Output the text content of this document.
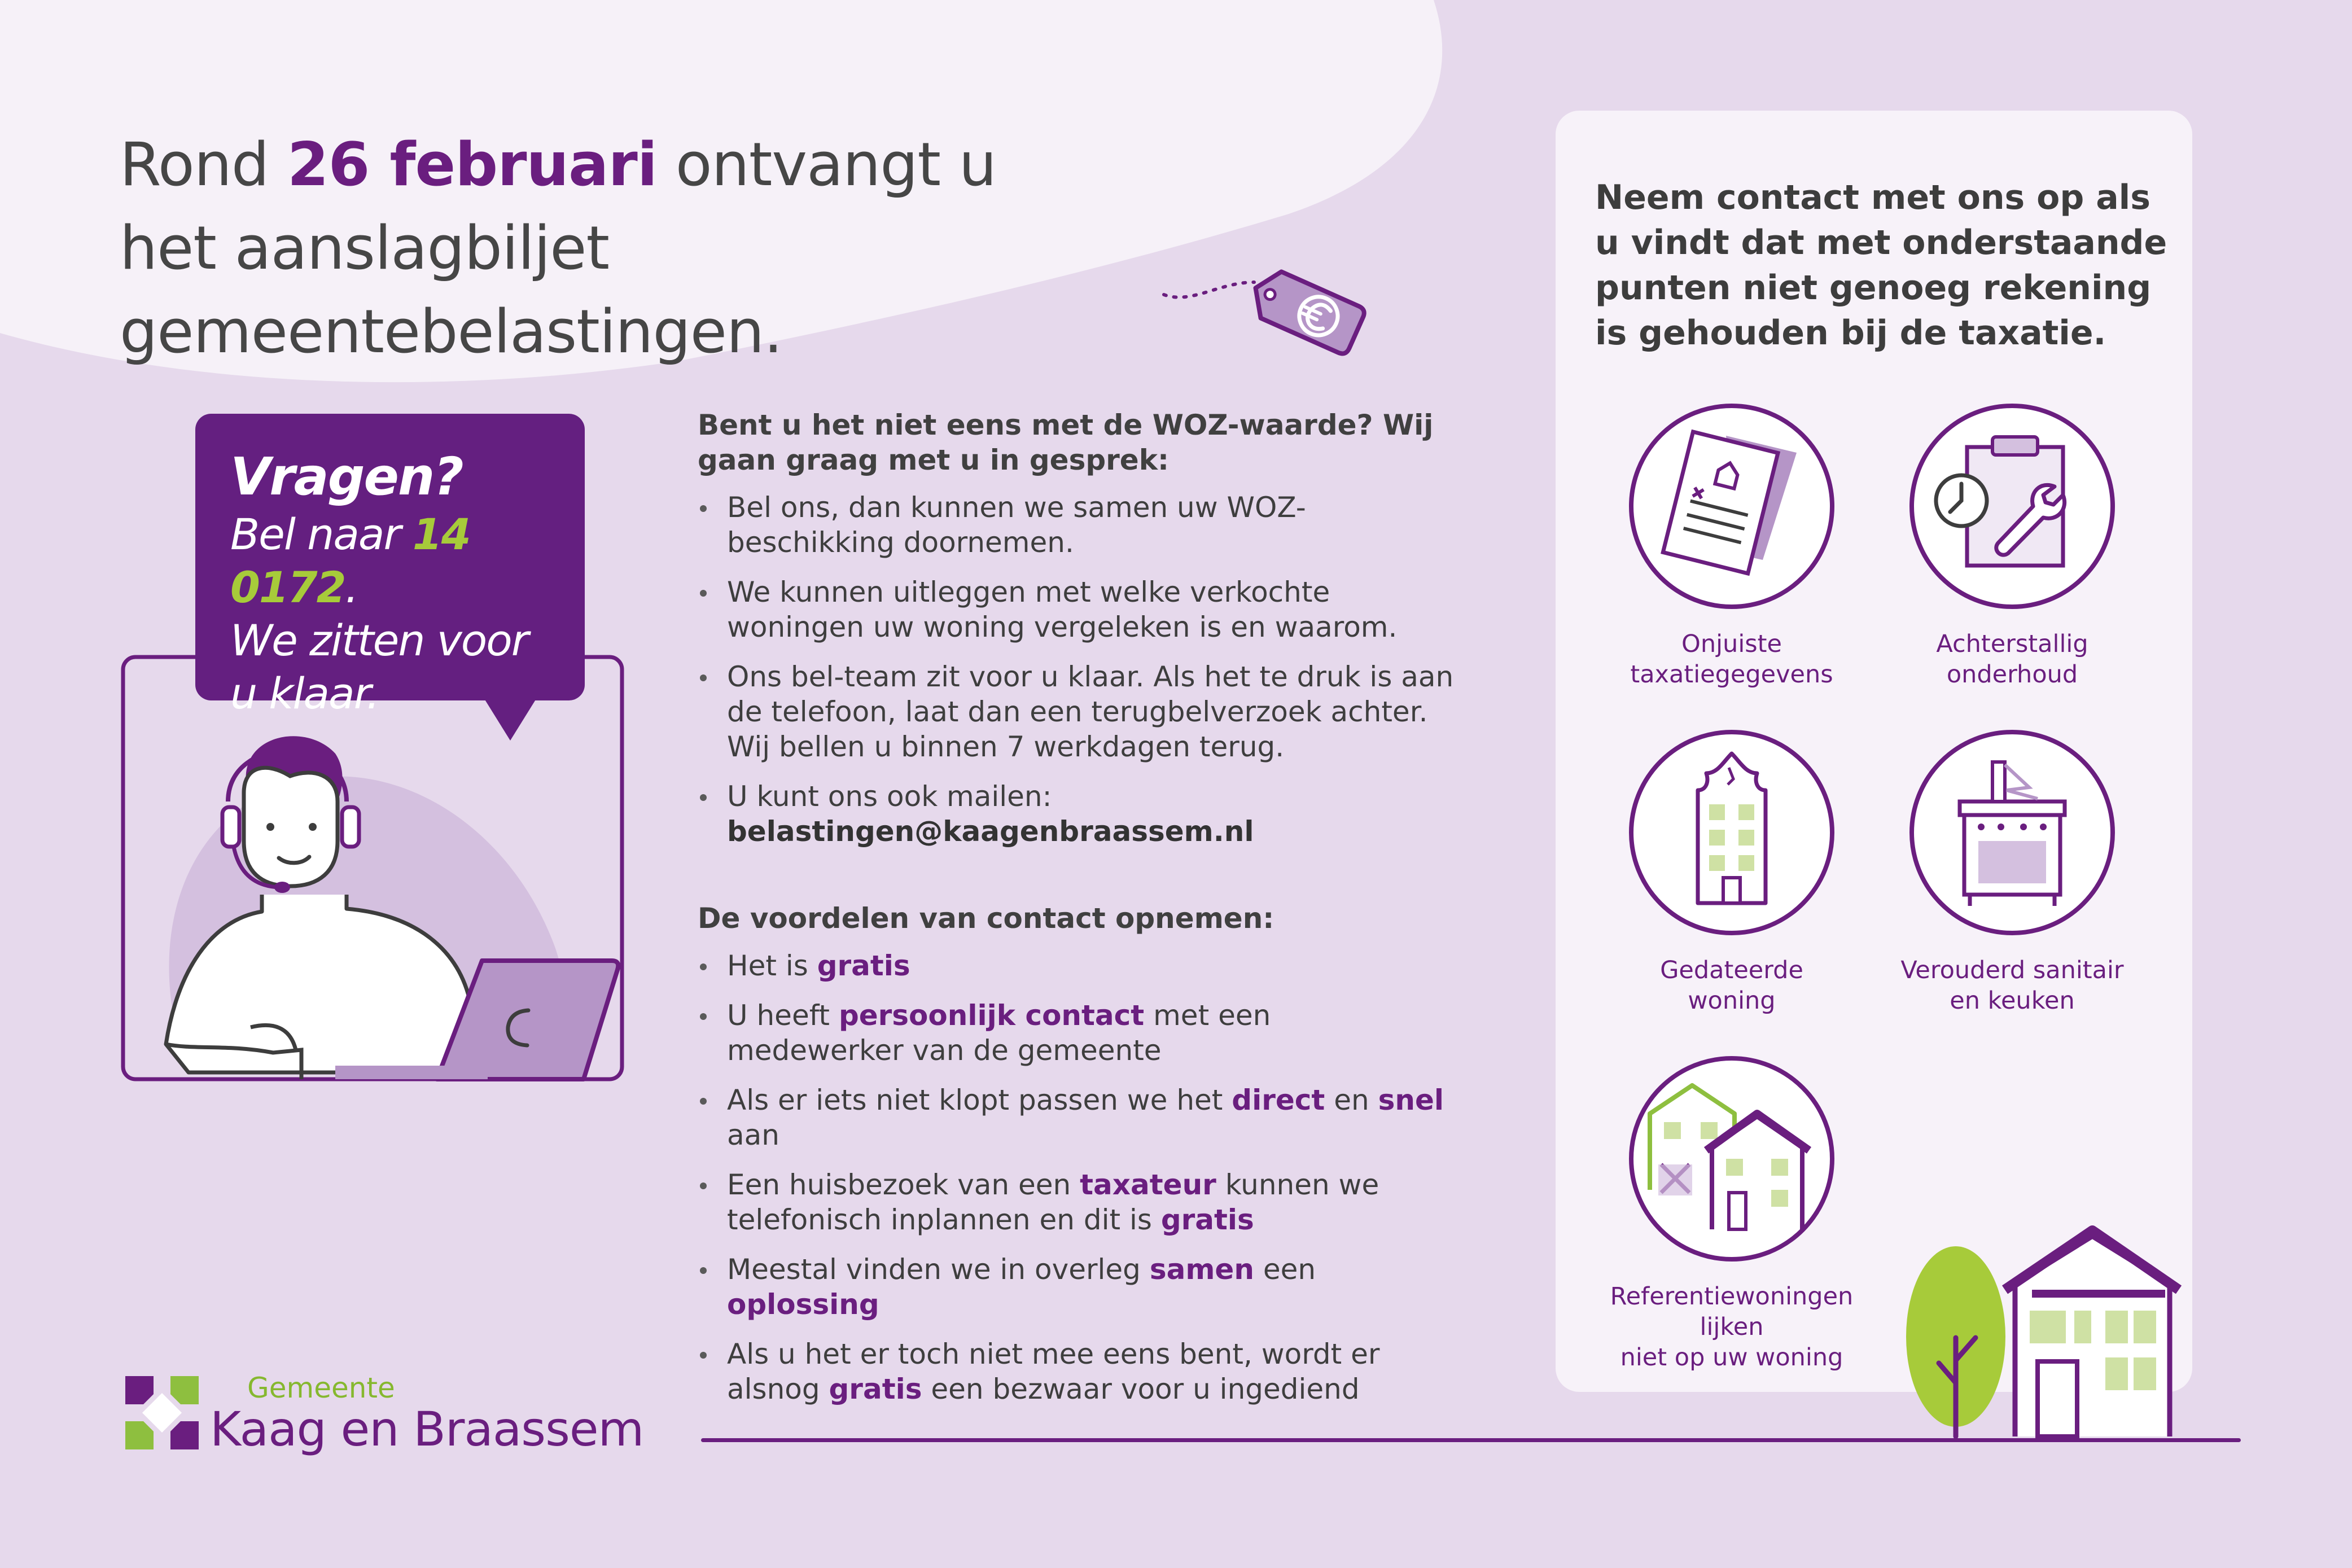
Rond 26 februari ontvangt u
het aanslagbiljet gemeentebelastingen.
Vragen?
Bel naar 14 0172.
We zitten voor
u klaar.

Bent u het niet eens met de WOZ-waarde? Wij gaan graag met u in gesprek:

Bel ons, dan kunnen we samen uw WOZ-beschikking doornemen.
We kunnen uitleggen met welke verkochte woningen uw woning vergeleken is en waarom.
Ons bel-team zit voor u klaar. Als het te druk is aan de telefoon, laat dan een terugbelverzoek achter. Wij bellen u binnen 7 werkdagen terug.
U kunt ons ook mailen: belastingen@kaagenbraassem.nl

De voordelen van contact opnemen:

Het is gratis
U heeft persoonlijk contact met een medewerker van de gemeente
Als er iets niet klopt passen we het direct en snel aan
Een huisbezoek van een taxateur kunnen we telefonisch inplannen en dit is gratis
Meestal vinden we in overleg samen een oplossing
Als u het er toch niet mee eens bent, wordt er alsnog gratis een bezwaar voor u ingediend
Neem contact met ons op als u vindt dat met onderstaande punten niet genoeg rekening is gehouden bij de taxatie.
Onjuiste
taxatiegegevens
Achterstallig
onderhoud
Gedateerde
woning
Verouderd sanitair
en keuken
Referentiewoningen lijken
niet op uw woning
Gemeente
Kaag en Braassem
